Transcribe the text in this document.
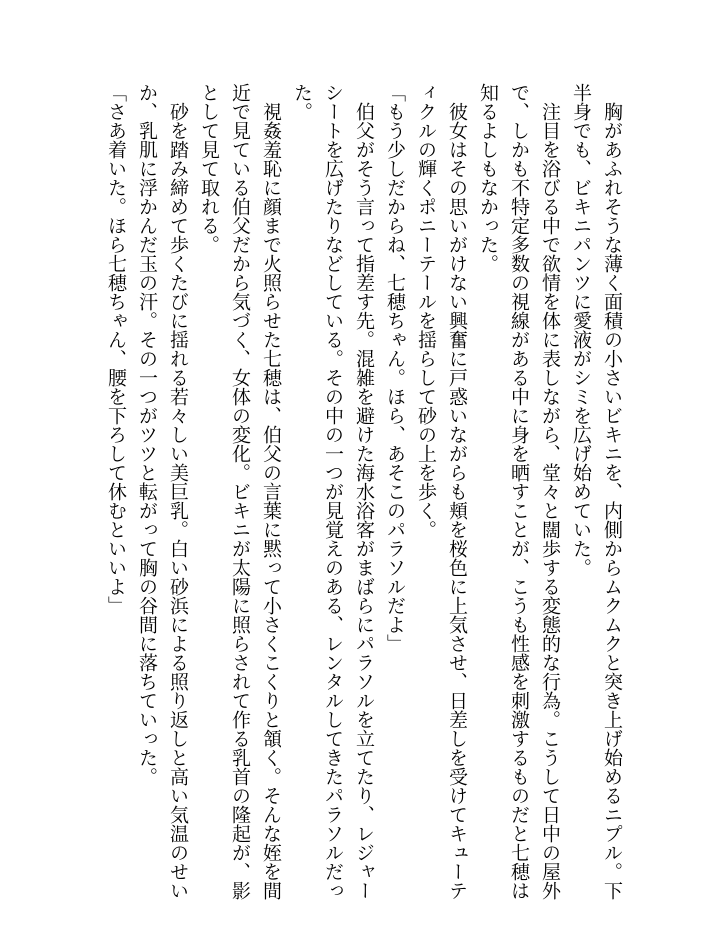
　胸があふれそうな薄く面積の小さいビキニを、内側からムクムクと突き上げ始めるニプル。下半身でも、ビキニパンツに愛液がシミを広げ始めていた。

　注目を浴びる中で欲情を体に表しながら、堂々と闊歩する変態的な行為。こうして日中の屋外で、しかも不特定多数の視線がある中に身を晒すことが、こうも性感を刺激するものだと七穂は知るよしもなかった。

　彼女はその思いがけない興奮に戸惑いながらも頬を桜色に上気させ、日差しを受けてキューティクルの輝くポニーテールを揺らして砂の上を歩く。

「もう少しだからね、七穂ちゃん。ほら、あそこのパラソルだよ」

　伯父がそう言って指差す先。混雑を避けた海水浴客がまばらにパラソルを立てたり、レジャーシートを広げたりなどしている。その中の一つが見覚えのある、レンタルしてきたパラソルだった。

　視姦羞恥に顔まで火照らせた七穂は、伯父の言葉に黙って小さくこくりと頷く。そんな姪を間近で見ている伯父だから気づく、女体の変化。ビキニが太陽に照らされて作る乳首の隆起が、影として見て取れる。

　砂を踏み締めて歩くたびに揺れる若々しい美巨乳。白い砂浜による照り返しと高い気温のせいか、乳肌に浮かんだ玉の汗。その一つがツツと転がって胸の谷間に落ちていった。

「さあ着いた。ほら七穂ちゃん、腰を下ろして休むといいよ」
